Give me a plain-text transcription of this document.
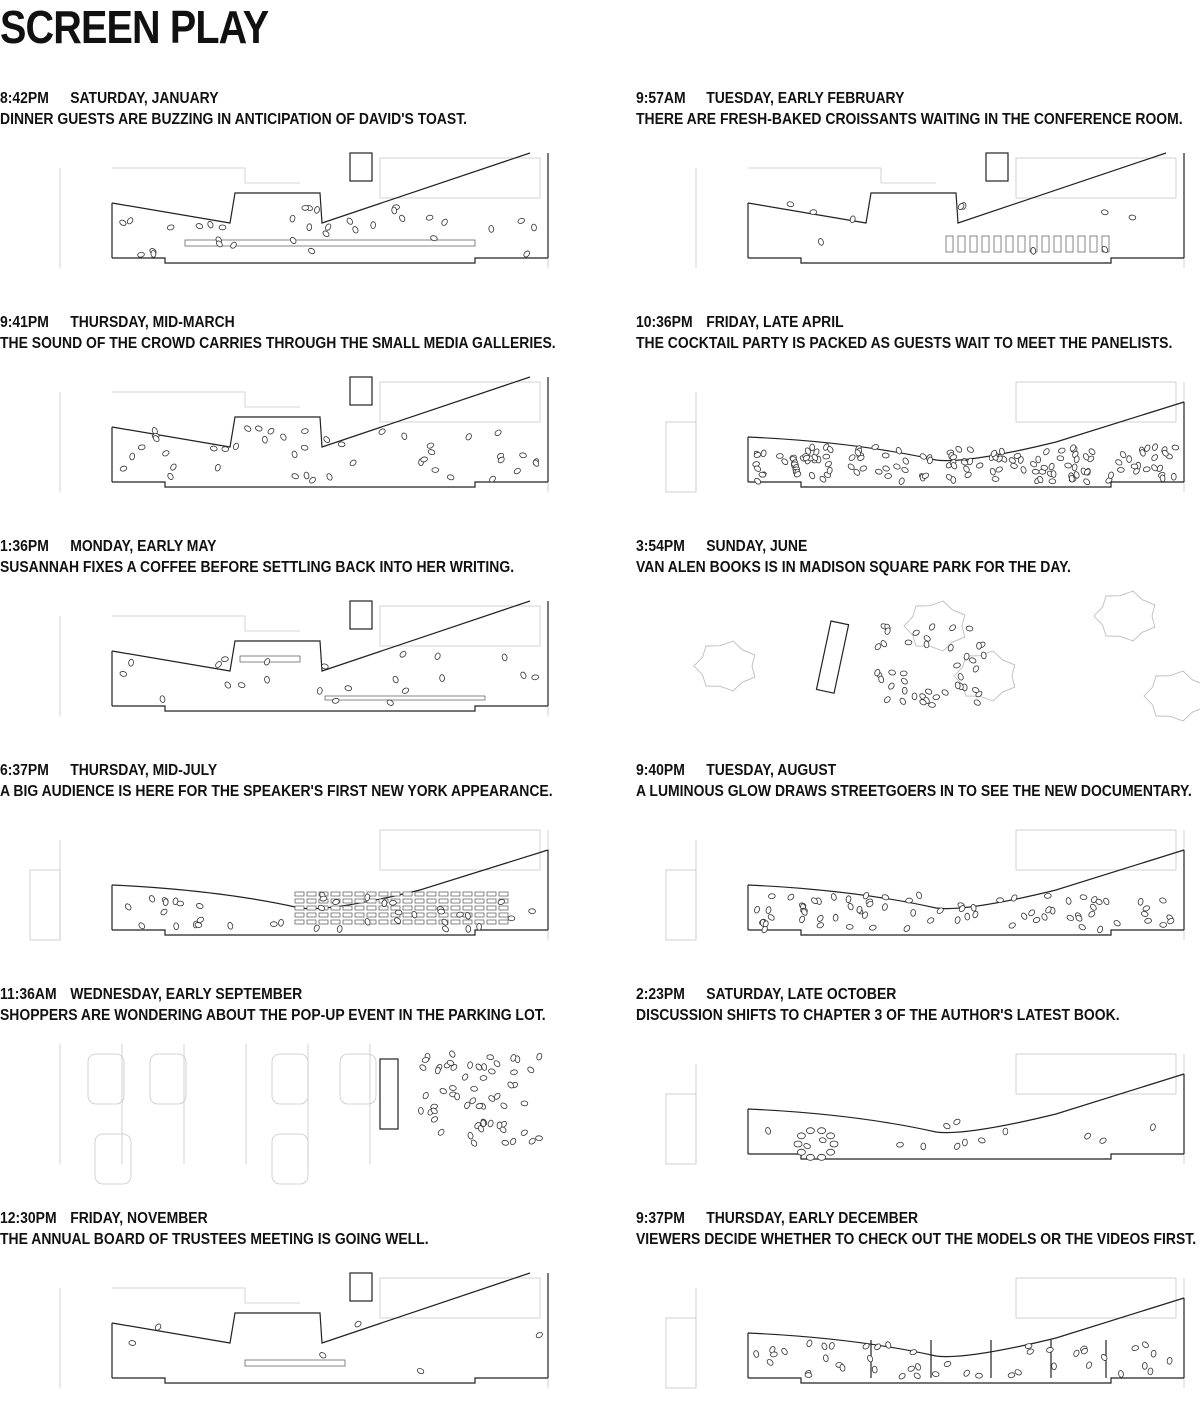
SCREEN PLAY
8:42PM SATURDAY, JANUARY
DINNER GUESTS ARE BUZZING IN ANTICIPATION OF DAVID'S TOAST.
9:57AM TUESDAY, EARLY FEBRUARY
THERE ARE FRESH-BAKED CROISSANTS WAITING IN THE CONFERENCE ROOM.
9:41PM THURSDAY, MID-MARCH
THE SOUND OF THE CROWD CARRIES THROUGH THE SMALL MEDIA GALLERIES.
10:36PM FRIDAY, LATE APRIL
THE COCKTAIL PARTY IS PACKED AS GUESTS WAIT TO MEET THE PANELISTS.
1:36PM MONDAY, EARLY MAY
SUSANNAH FIXES A COFFEE BEFORE SETTLING BACK INTO HER WRITING.
3:54PM SUNDAY, JUNE
VAN ALEN BOOKS IS IN MADISON SQUARE PARK FOR THE DAY.
6:37PM THURSDAY, MID-JULY
A BIG AUDIENCE IS HERE FOR THE SPEAKER'S FIRST NEW YORK APPEARANCE.
9:40PM TUESDAY, AUGUST
A LUMINOUS GLOW DRAWS STREETGOERS IN TO SEE THE NEW DOCUMENTARY.
11:36AM WEDNESDAY, EARLY SEPTEMBER
SHOPPERS ARE WONDERING ABOUT THE POP-UP EVENT IN THE PARKING LOT.
2:23PM SATURDAY, LATE OCTOBER
DISCUSSION SHIFTS TO CHAPTER 3 OF THE AUTHOR'S LATEST BOOK.
12:30PM FRIDAY, NOVEMBER
THE ANNUAL BOARD OF TRUSTEES MEETING IS GOING WELL.
9:37PM THURSDAY, EARLY DECEMBER
VIEWERS DECIDE WHETHER TO CHECK OUT THE MODELS OR THE VIDEOS FIRST.
